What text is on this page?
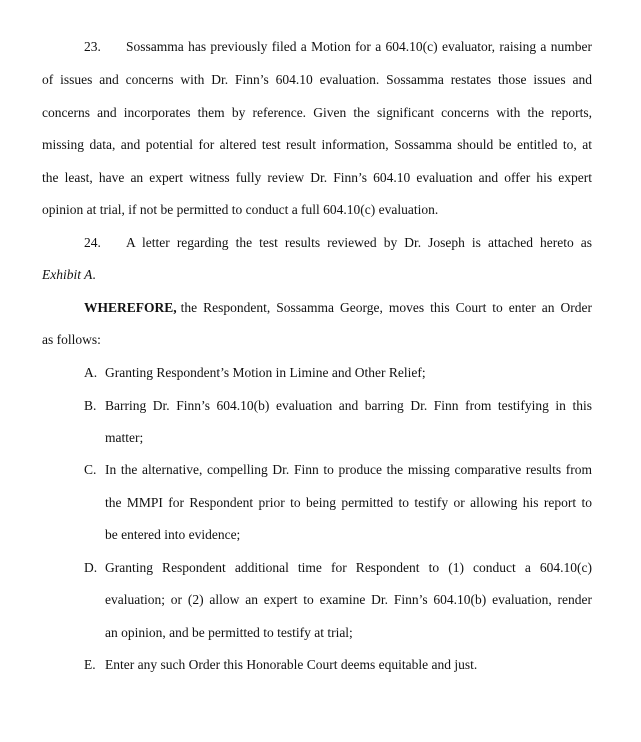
23. Sossamma has previously filed a Motion for a 604.10(c) evaluator, raising a number
of issues and concerns with Dr. Finn’s 604.10 evaluation. Sossamma restates those issues and
concerns and incorporates them by reference. Given the significant concerns with the reports,
missing data, and potential for altered test result information, Sossamma should be entitled to, at
the least, have an expert witness fully review Dr. Finn’s 604.10 evaluation and offer his expert
opinion at trial, if not be permitted to conduct a full 604.10(c) evaluation.
24. A letter regarding the test results reviewed by Dr. Joseph is attached hereto as
Exhibit A.
WHEREFORE, the Respondent, Sossamma George, moves this Court to enter an Order
as follows:
A. Granting Respondent’s Motion in Limine and Other Relief;
B. Barring Dr. Finn’s 604.10(b) evaluation and barring Dr. Finn from testifying in this
matter;
C. In the alternative, compelling Dr. Finn to produce the missing comparative results from
the MMPI for Respondent prior to being permitted to testify or allowing his report to
be entered into evidence;
D. Granting Respondent additional time for Respondent to (1) conduct a 604.10(c)
evaluation; or (2) allow an expert to examine Dr. Finn’s 604.10(b) evaluation, render
an opinion, and be permitted to testify at trial;
E. Enter any such Order this Honorable Court deems equitable and just.
